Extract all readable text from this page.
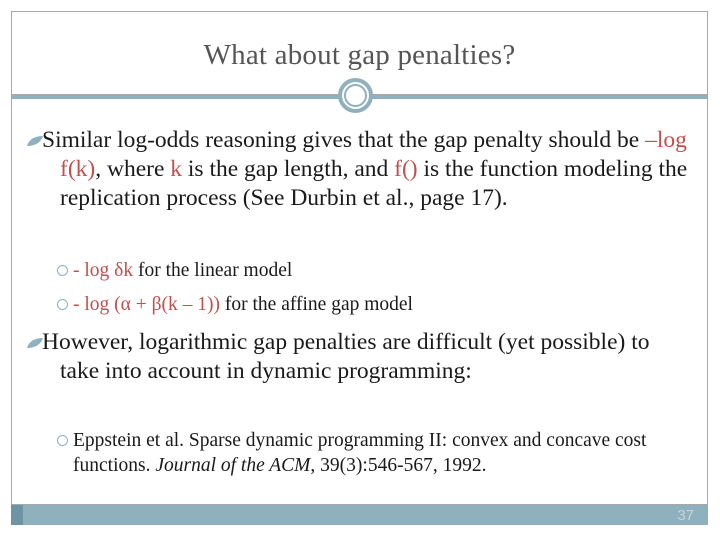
What about gap penalties?
Similar log-odds reasoning gives that the gap penalty should be –log f(k), where k is the gap length, and f() is the function modeling the replication process (See Durbin et al., page 17).
- log δk for the linear model
- log (α + β(k – 1)) for the affine gap model
However, logarithmic gap penalties are difficult (yet possible) to take into account in dynamic programming:
Eppstein et al. Sparse dynamic programming II: convex and concave cost functions. Journal of the ACM, 39(3):546-567, 1992.
37
